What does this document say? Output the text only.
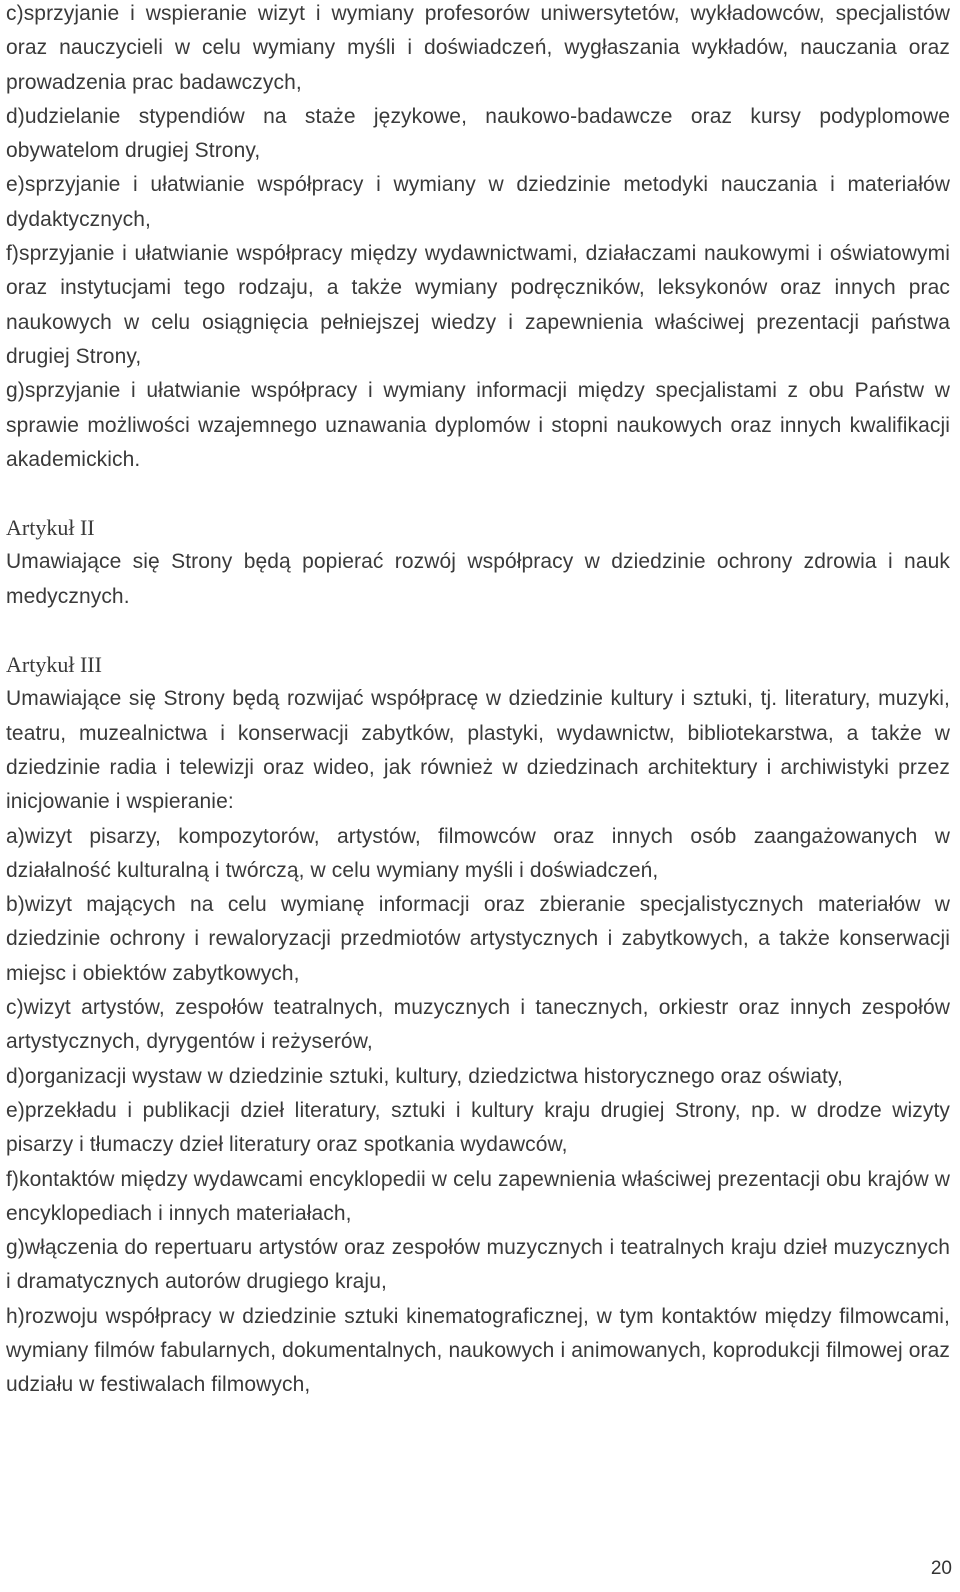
c)sprzyjanie i wspieranie wizyt i wymiany profesorów uniwersytetów, wykładowców, specjalistów oraz nauczycieli w celu wymiany myśli i doświadczeń, wygłaszania wykładów, nauczania oraz prowadzenia prac badawczych,

d)udzielanie stypendiów na staże językowe, naukowo-badawcze oraz kursy podyplomowe obywatelom drugiej Strony,

e)sprzyjanie i ułatwianie współpracy i wymiany w dziedzinie metodyki nauczania i materiałów dydaktycznych,

f)sprzyjanie i ułatwianie współpracy między wydawnictwami, działaczami naukowymi i oświatowymi oraz instytucjami tego rodzaju, a także wymiany podręczników, leksykonów oraz innych prac naukowych w celu osiągnięcia pełniejszej wiedzy i zapewnienia właściwej prezentacji państwa drugiej Strony,

g)sprzyjanie i ułatwianie współpracy i wymiany informacji między specjalistami z obu Państw w sprawie możliwości wzajemnego uznawania dyplomów i stopni naukowych oraz innych kwalifikacji akademickich.

Artykuł II

Umawiające się Strony będą popierać rozwój współpracy w dziedzinie ochrony zdrowia i nauk medycznych.

Artykuł III

Umawiające się Strony będą rozwijać współpracę w dziedzinie kultury i sztuki, tj. literatury, muzyki, teatru, muzealnictwa i konserwacji zabytków, plastyki, wydawnictw, bibliotekarstwa, a także w dziedzinie radia i telewizji oraz wideo, jak również w dziedzinach architektury i archiwistyki przez inicjowanie i wspieranie:

a)wizyt pisarzy, kompozytorów, artystów, filmowców oraz innych osób zaangażowanych w działalność kulturalną i twórczą, w celu wymiany myśli i doświadczeń,

b)wizyt mających na celu wymianę informacji oraz zbieranie specjalistycznych materiałów w dziedzinie ochrony i rewaloryzacji przedmiotów artystycznych i zabytkowych, a także konserwacji miejsc i obiektów zabytkowych,

c)wizyt artystów, zespołów teatralnych, muzycznych i tanecznych, orkiestr oraz innych zespołów artystycznych, dyrygentów i reżyserów,

d)organizacji wystaw w dziedzinie sztuki, kultury, dziedzictwa historycznego oraz oświaty,

e)przekładu i publikacji dzieł literatury, sztuki i kultury kraju drugiej Strony, np. w drodze wizyty pisarzy i tłumaczy dzieł literatury oraz spotkania wydawców,

f)kontaktów między wydawcami encyklopedii w celu zapewnienia właściwej prezentacji obu krajów w encyklopediach i innych materiałach,

g)włączenia do repertuaru artystów oraz zespołów muzycznych i teatralnych kraju dzieł muzycznych i dramatycznych autorów drugiego kraju,

h)rozwoju współpracy w dziedzinie sztuki kinematograficznej, w tym kontaktów między filmowcami, wymiany filmów fabularnych, dokumentalnych, naukowych i animowanych, koprodukcji filmowej oraz udziału w festiwalach filmowych,

20
